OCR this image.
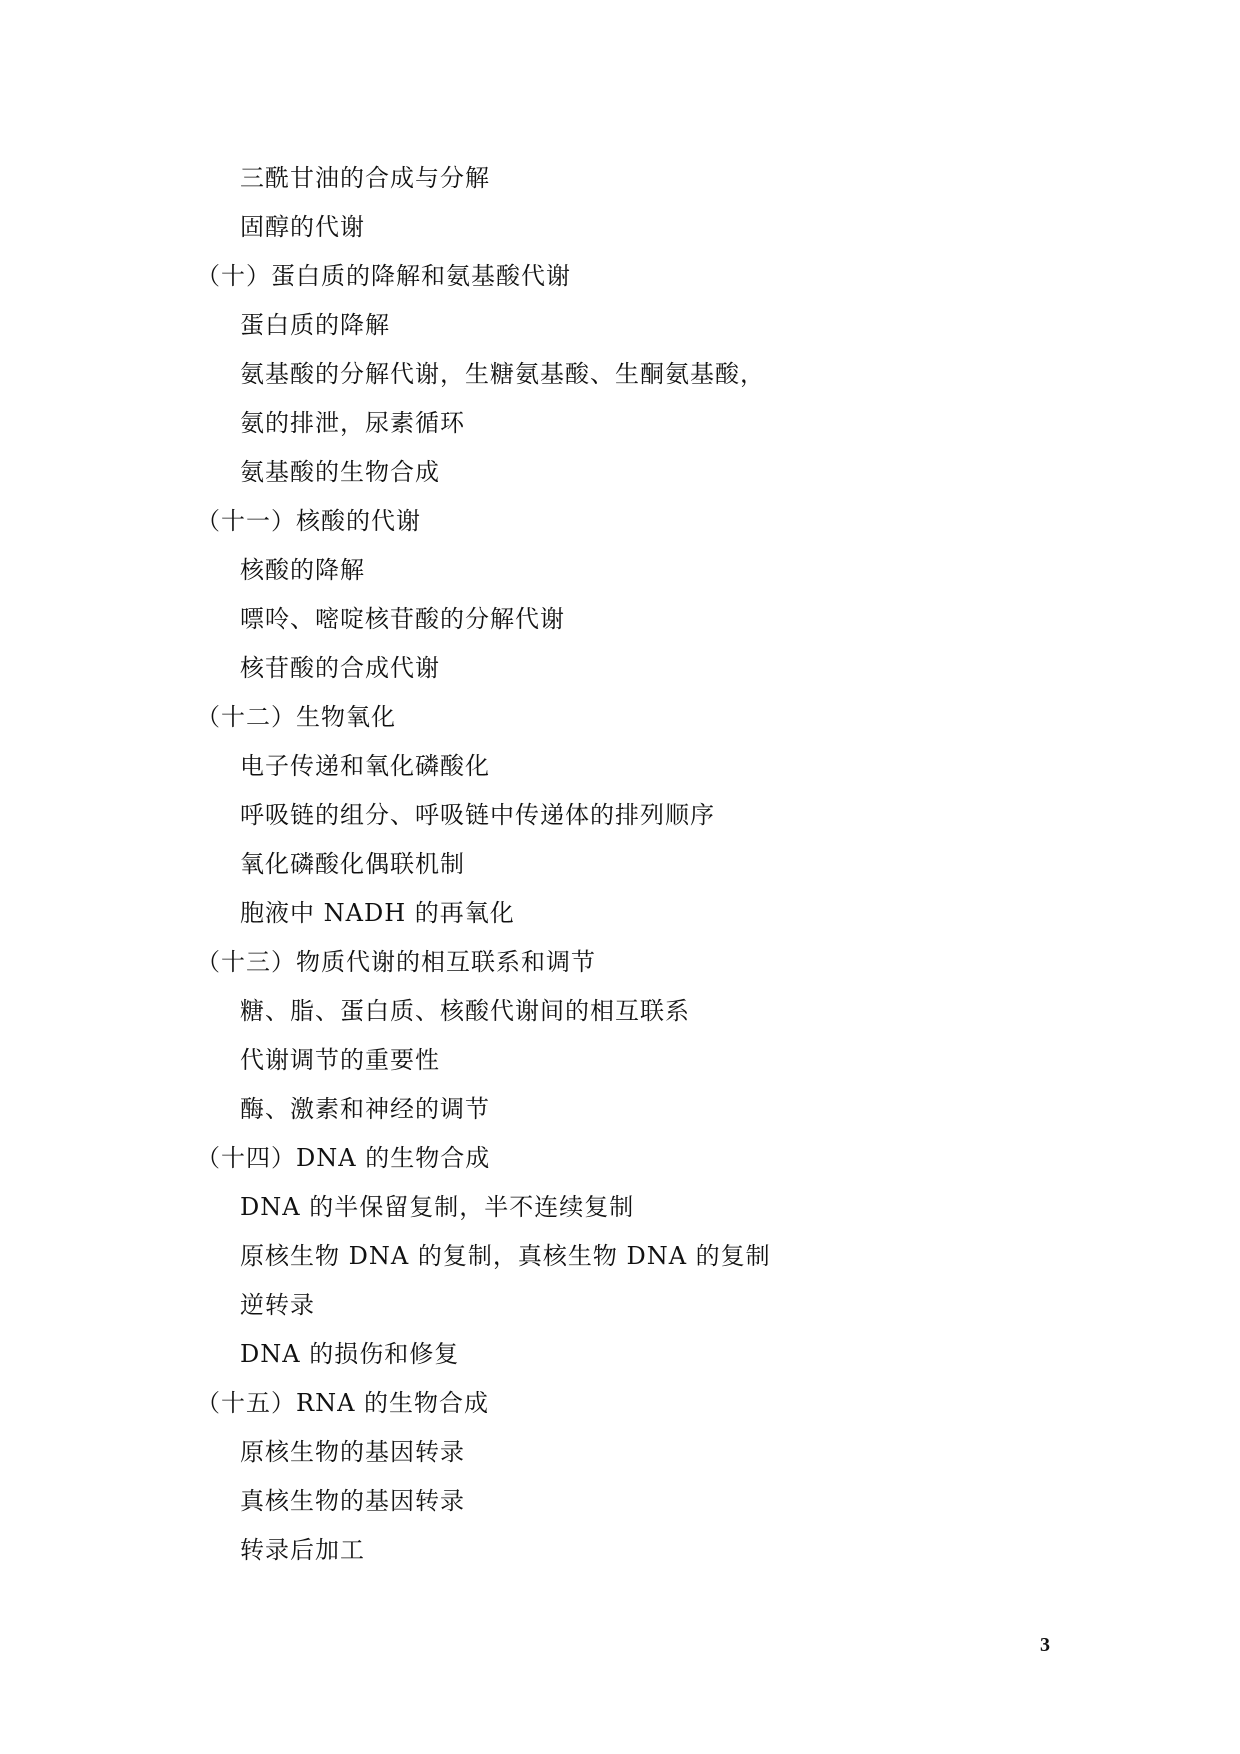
三酰甘油的合成与分解
固醇的代谢
（十）蛋白质的降解和氨基酸代谢
蛋白质的降解
氨基酸的分解代谢，生糖氨基酸、生酮氨基酸，
氨的排泄，尿素循环
氨基酸的生物合成
（十一）核酸的代谢
核酸的降解
嘌呤、嘧啶核苷酸的分解代谢
核苷酸的合成代谢
（十二）生物氧化
电子传递和氧化磷酸化
呼吸链的组分、呼吸链中传递体的排列顺序
氧化磷酸化偶联机制
胞液中 NADH 的再氧化
（十三）物质代谢的相互联系和调节
糖、脂、蛋白质、核酸代谢间的相互联系
代谢调节的重要性
酶、激素和神经的调节
（十四）DNA 的生物合成
DNA 的半保留复制，半不连续复制
原核生物 DNA 的复制，真核生物 DNA 的复制
逆转录
DNA 的损伤和修复
（十五）RNA 的生物合成
原核生物的基因转录
真核生物的基因转录
转录后加工
3
